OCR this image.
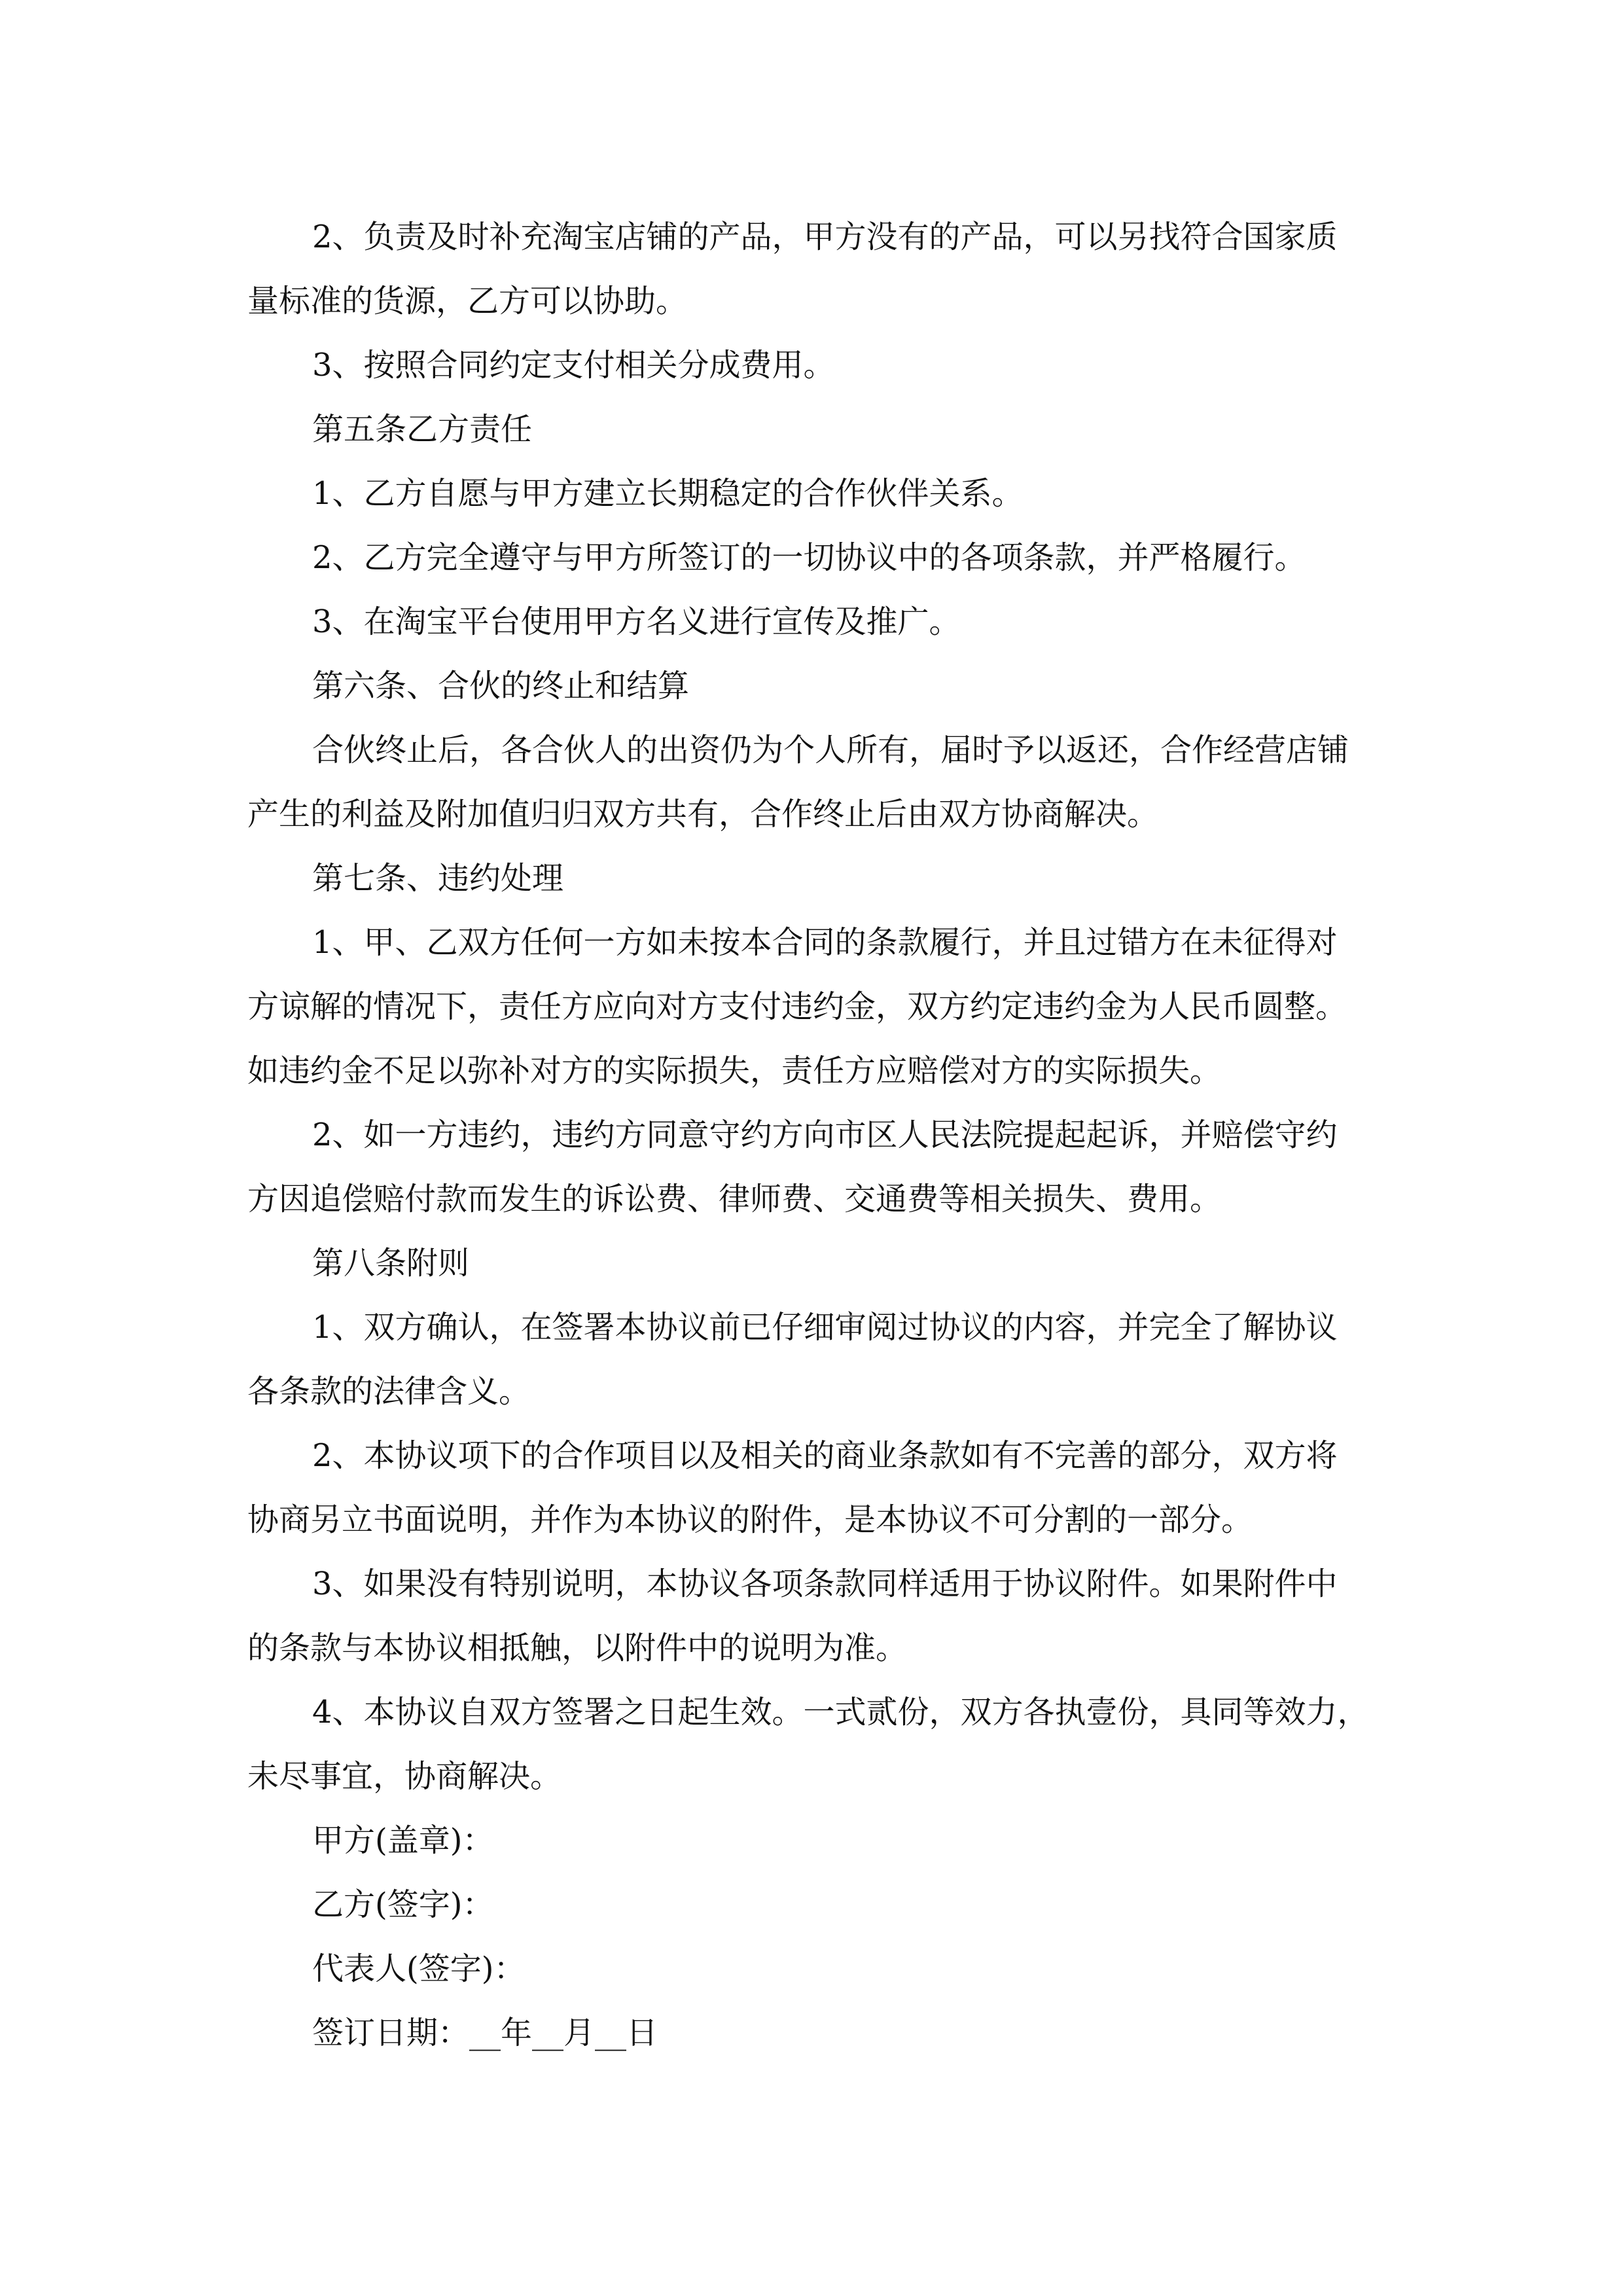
2、负责及时补充淘宝店铺的产品，甲方没有的产品，可以另找符合国家质
量标准的货源，乙方可以协助。
3、按照合同约定支付相关分成费用。
第五条乙方责任
1、乙方自愿与甲方建立长期稳定的合作伙伴关系。
2、乙方完全遵守与甲方所签订的一切协议中的各项条款，并严格履行。
3、在淘宝平台使用甲方名义进行宣传及推广。
第六条、合伙的终止和结算
合伙终止后，各合伙人的出资仍为个人所有，届时予以返还，合作经营店铺
产生的利益及附加值归归双方共有，合作终止后由双方协商解决。
第七条、违约处理
1、甲、乙双方任何一方如未按本合同的条款履行，并且过错方在未征得对
方谅解的情况下，责任方应向对方支付违约金，双方约定违约金为人民币圆整。
如违约金不足以弥补对方的实际损失，责任方应赔偿对方的实际损失。
2、如一方违约，违约方同意守约方向市区人民法院提起起诉，并赔偿守约
方因追偿赔付款而发生的诉讼费、律师费、交通费等相关损失、费用。
第八条附则
1、双方确认，在签署本协议前已仔细审阅过协议的内容，并完全了解协议
各条款的法律含义。
2、本协议项下的合作项目以及相关的商业条款如有不完善的部分，双方将
协商另立书面说明，并作为本协议的附件，是本协议不可分割的一部分。
3、如果没有特别说明，本协议各项条款同样适用于协议附件。如果附件中
的条款与本协议相抵触，以附件中的说明为准。
4、本协议自双方签署之日起生效。一式贰份，双方各执壹份，具同等效力，
未尽事宜，协商解决。
甲方(盖章)：
乙方(签字)：
代表人(签字)：
签订日期：__年__月__日
